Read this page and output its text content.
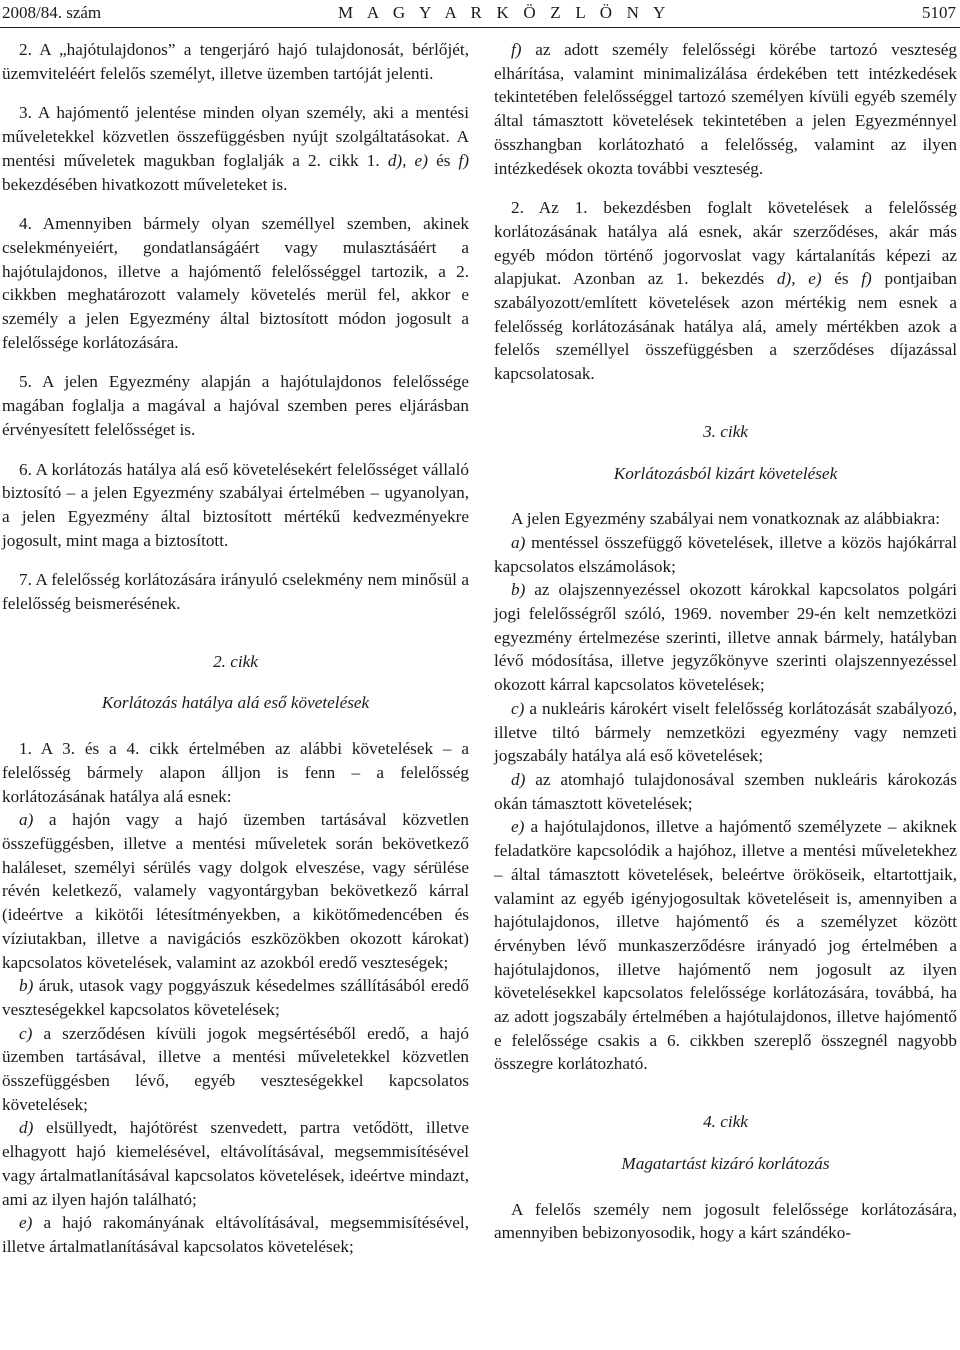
2008/84. szám	M A G Y A R K Ö Z L Ö N Y	5107

2. A „hajótulajdonos” a tengerjáró hajó tulajdonosát, bérlőjét, üzemviteléért felelős személyt, illetve üzemben tartóját jelenti.

3. A hajómentő jelentése minden olyan személy, aki a mentési műveletekkel közvetlen összefüggésben nyújt szolgáltatásokat. A mentési műveletek magukban foglalják a 2. cikk 1. d), e) és f) bekezdésében hivatkozott műveleteket is.

4. Amennyiben bármely olyan személlyel szemben, akinek cselekményeiért, gondatlanságáért vagy mulasztásáért a hajótulajdonos, illetve a hajómentő felelősséggel tartozik, a 2. cikkben meghatározott valamely követelés merül fel, akkor e személy a jelen Egyezmény által biztosított módon jogosult a felelőssége korlátozására.

5. A jelen Egyezmény alapján a hajótulajdonos felelőssége magában foglalja a magával a hajóval szemben peres eljárásban érvényesített felelősséget is.

6. A korlátozás hatálya alá eső követelésekért felelősséget vállaló biztosító – a jelen Egyezmény szabályai értelmében – ugyanolyan, a jelen Egyezmény által biztosított mértékű kedvezményekre jogosult, mint maga a biztosított.

7. A felelősség korlátozására irányuló cselekmény nem minősül a felelősség beismerésének.

2. cikk

Korlátozás hatálya alá eső követelések

1. A 3. és a 4. cikk értelmében az alábbi követelések – a felelősség bármely alapon álljon is fenn – a felelősség korlátozásának hatálya alá esnek:

a) a hajón vagy a hajó üzemben tartásával közvetlen összefüggésben, illetve a mentési műveletek során bekövetkező haláleset, személyi sérülés vagy dolgok elveszése, vagy sérülése révén keletkező, valamely vagyontárgyban bekövetkező kárral (ideértve a kikötői létesítményekben, a kikötőmedencében és víziutakban, illetve a navigációs eszközökben okozott károkat) kapcsolatos követelések, valamint az azokból eredő veszteségek;

b) áruk, utasok vagy poggyászuk késedelmes szállításából eredő veszteségekkel kapcsolatos követelések;

c) a szerződésen kívüli jogok megsértéséből eredő, a hajó üzemben tartásával, illetve a mentési műveletekkel közvetlen összefüggésben lévő, egyéb veszteségekkel kapcsolatos követelések;

d) elsüllyedt, hajótörést szenvedett, partra vetődött, illetve elhagyott hajó kiemelésével, eltávolításával, megsemmisítésével vagy ártalmatlanításával kapcsolatos követelések, ideértve mindazt, ami az ilyen hajón található;

e) a hajó rakományának eltávolításával, megsemmisítésével, illetve ártalmatlanításával kapcsolatos követelések;

f) az adott személy felelősségi körébe tartozó veszteség elhárítása, valamint minimalizálása érdekében tett intézkedések tekintetében felelősséggel tartozó személyen kívüli egyéb személy által támasztott követelések tekintetében a jelen Egyezménnyel összhangban korlátozható a felelősség, valamint az ilyen intézkedések okozta további veszteség.

2. Az 1. bekezdésben foglalt követelések a felelősség korlátozásának hatálya alá esnek, akár szerződéses, akár más egyéb módon történő jogorvoslat vagy kártalanítás képezi az alapjukat. Azonban az 1. bekezdés d), e) és f) pontjaiban szabályozott/említett követelések azon mértékig nem esnek a felelősség korlátozásának hatálya alá, amely mértékben azok a felelős személlyel összefüggésben a szerződéses díjazással kapcsolatosak.

3. cikk

Korlátozásból kizárt követelések

A jelen Egyezmény szabályai nem vonatkoznak az alábbiakra:

a) mentéssel összefüggő követelések, illetve a közös hajókárral kapcsolatos elszámolások;

b) az olajszennyezéssel okozott károkkal kapcsolatos polgári jogi felelősségről szóló, 1969. november 29-én kelt nemzetközi egyezmény értelmezése szerinti, illetve annak bármely, hatályban lévő módosítása, illetve jegyzőkönyve szerinti olajszennyezéssel okozott kárral kapcsolatos követelések;

c) a nukleáris károkért viselt felelősség korlátozását szabályozó, illetve tiltó bármely nemzetközi egyezmény vagy nemzeti jogszabály hatálya alá eső követelések;

d) az atomhajó tulajdonosával szemben nukleáris károkozás okán támasztott követelések;

e) a hajótulajdonos, illetve a hajómentő személyzete – akiknek feladatköre kapcsolódik a hajóhoz, illetve a mentési műveletekhez – által támasztott követelések, beleértve örököseik, eltartottjaik, valamint az egyéb igényjogosultak követeléseit is, amennyiben a hajótulajdonos, illetve hajómentő és a személyzet között érvényben lévő munkaszerződésre irányadó jog értelmében a hajótulajdonos, illetve hajómentő nem jogosult az ilyen követelésekkel kapcsolatos felelőssége korlátozására, továbbá, ha az adott jogszabály értelmében a hajótulajdonos, illetve hajómentő e felelőssége csakis a 6. cikkben szereplő összegnél nagyobb összegre korlátozható.

4. cikk

Magatartást kizáró korlátozás

A felelős személy nem jogosult felelőssége korlátozására, amennyiben bebizonyosodik, hogy a kárt szándéko-
